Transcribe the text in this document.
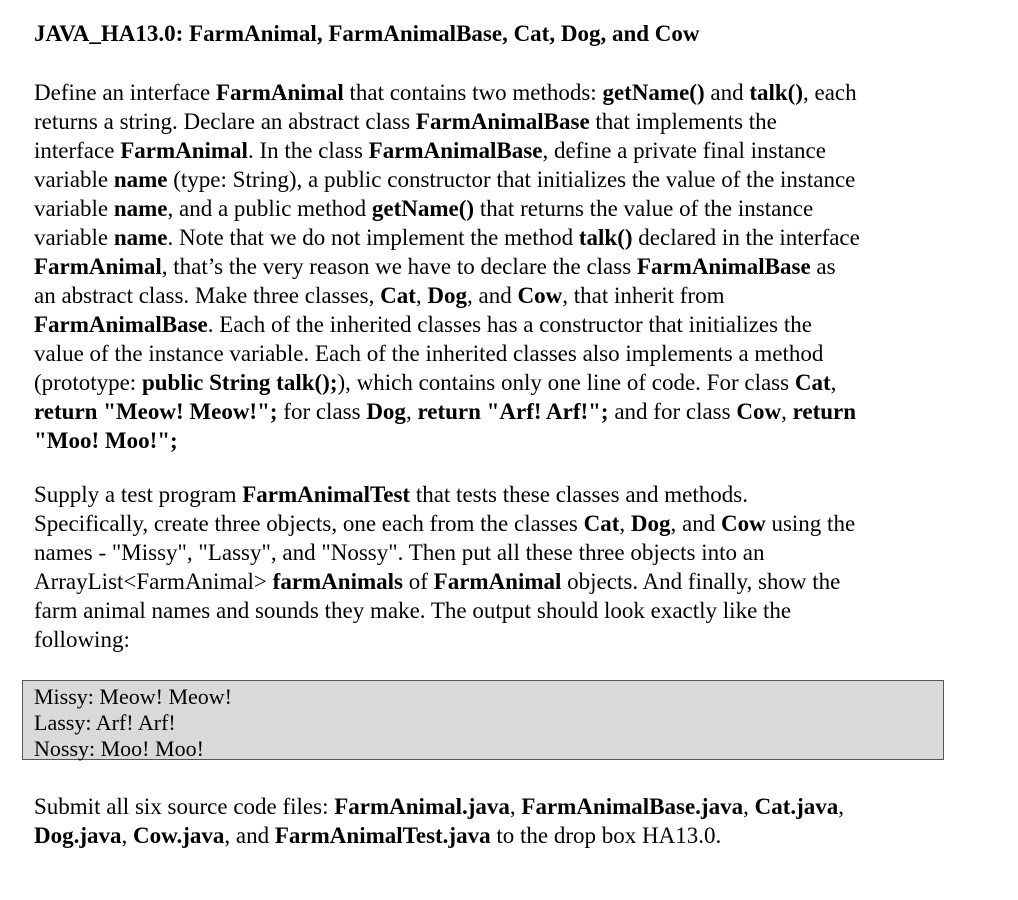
JAVA_HA13.0: FarmAnimal, FarmAnimalBase, Cat, Dog, and Cow
Define an interface FarmAnimal that contains two methods: getName() and talk(), each
returns a string. Declare an abstract class FarmAnimalBase that implements the
interface FarmAnimal. In the class FarmAnimalBase, define a private final instance
variable name (type: String), a public constructor that initializes the value of the instance
variable name, and a public method getName() that returns the value of the instance
variable name. Note that we do not implement the method talk() declared in the interface
FarmAnimal, that’s the very reason we have to declare the class FarmAnimalBase as
an abstract class. Make three classes, Cat, Dog, and Cow, that inherit from
FarmAnimalBase. Each of the inherited classes has a constructor that initializes the
value of the instance variable. Each of the inherited classes also implements a method
(prototype: public String talk();), which contains only one line of code. For class Cat,
return "Meow! Meow!"; for class Dog, return "Arf! Arf!"; and for class Cow, return
"Moo! Moo!";
Supply a test program FarmAnimalTest that tests these classes and methods.
Specifically, create three objects, one each from the classes Cat, Dog, and Cow using the
names - "Missy", "Lassy", and "Nossy". Then put all these three objects into an
ArrayList<FarmAnimal> farmAnimals of FarmAnimal objects. And finally, show the
farm animal names and sounds they make. The output should look exactly like the
following:
Missy: Meow! Meow!
Lassy: Arf! Arf!
Nossy: Moo! Moo!
Submit all six source code files: FarmAnimal.java, FarmAnimalBase.java, Cat.java,
Dog.java, Cow.java, and FarmAnimalTest.java to the drop box HA13.0.
